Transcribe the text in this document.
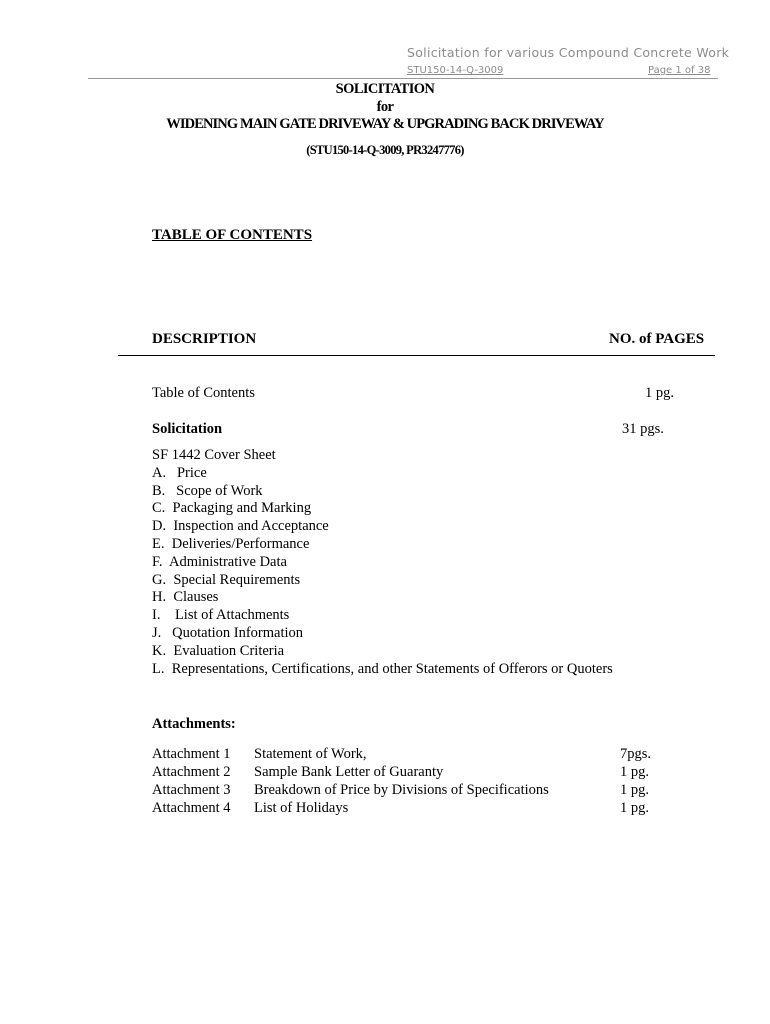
Solicitation for various Compound Concrete Work
STU150-14-Q-3009	Page 1 of 38
SOLICITATION
for
WIDENING MAIN GATE DRIVEWAY & UPGRADING BACK DRIVEWAY
(STU150-14-Q-3009, PR3247776)
TABLE OF CONTENTS
DESCRIPTION	NO. of PAGES
Table of Contents	1 pg.
Solicitation	31 pgs.
SF 1442 Cover Sheet
A.   Price
B.   Scope of Work
C.  Packaging and Marking
D.  Inspection and Acceptance
E.  Deliveries/Performance
F.  Administrative Data
G.  Special Requirements
H.  Clauses
I.    List of Attachments
J.   Quotation Information
K.  Evaluation Criteria
L.  Representations, Certifications, and other Statements of Offerors or Quoters
Attachments:
Attachment 1 Statement of Work,	7pgs.
Attachment 2 Sample Bank Letter of Guaranty	1 pg.
Attachment 3 Breakdown of Price by Divisions of Specifications	1 pg.
Attachment 4 List of Holidays	1 pg.
